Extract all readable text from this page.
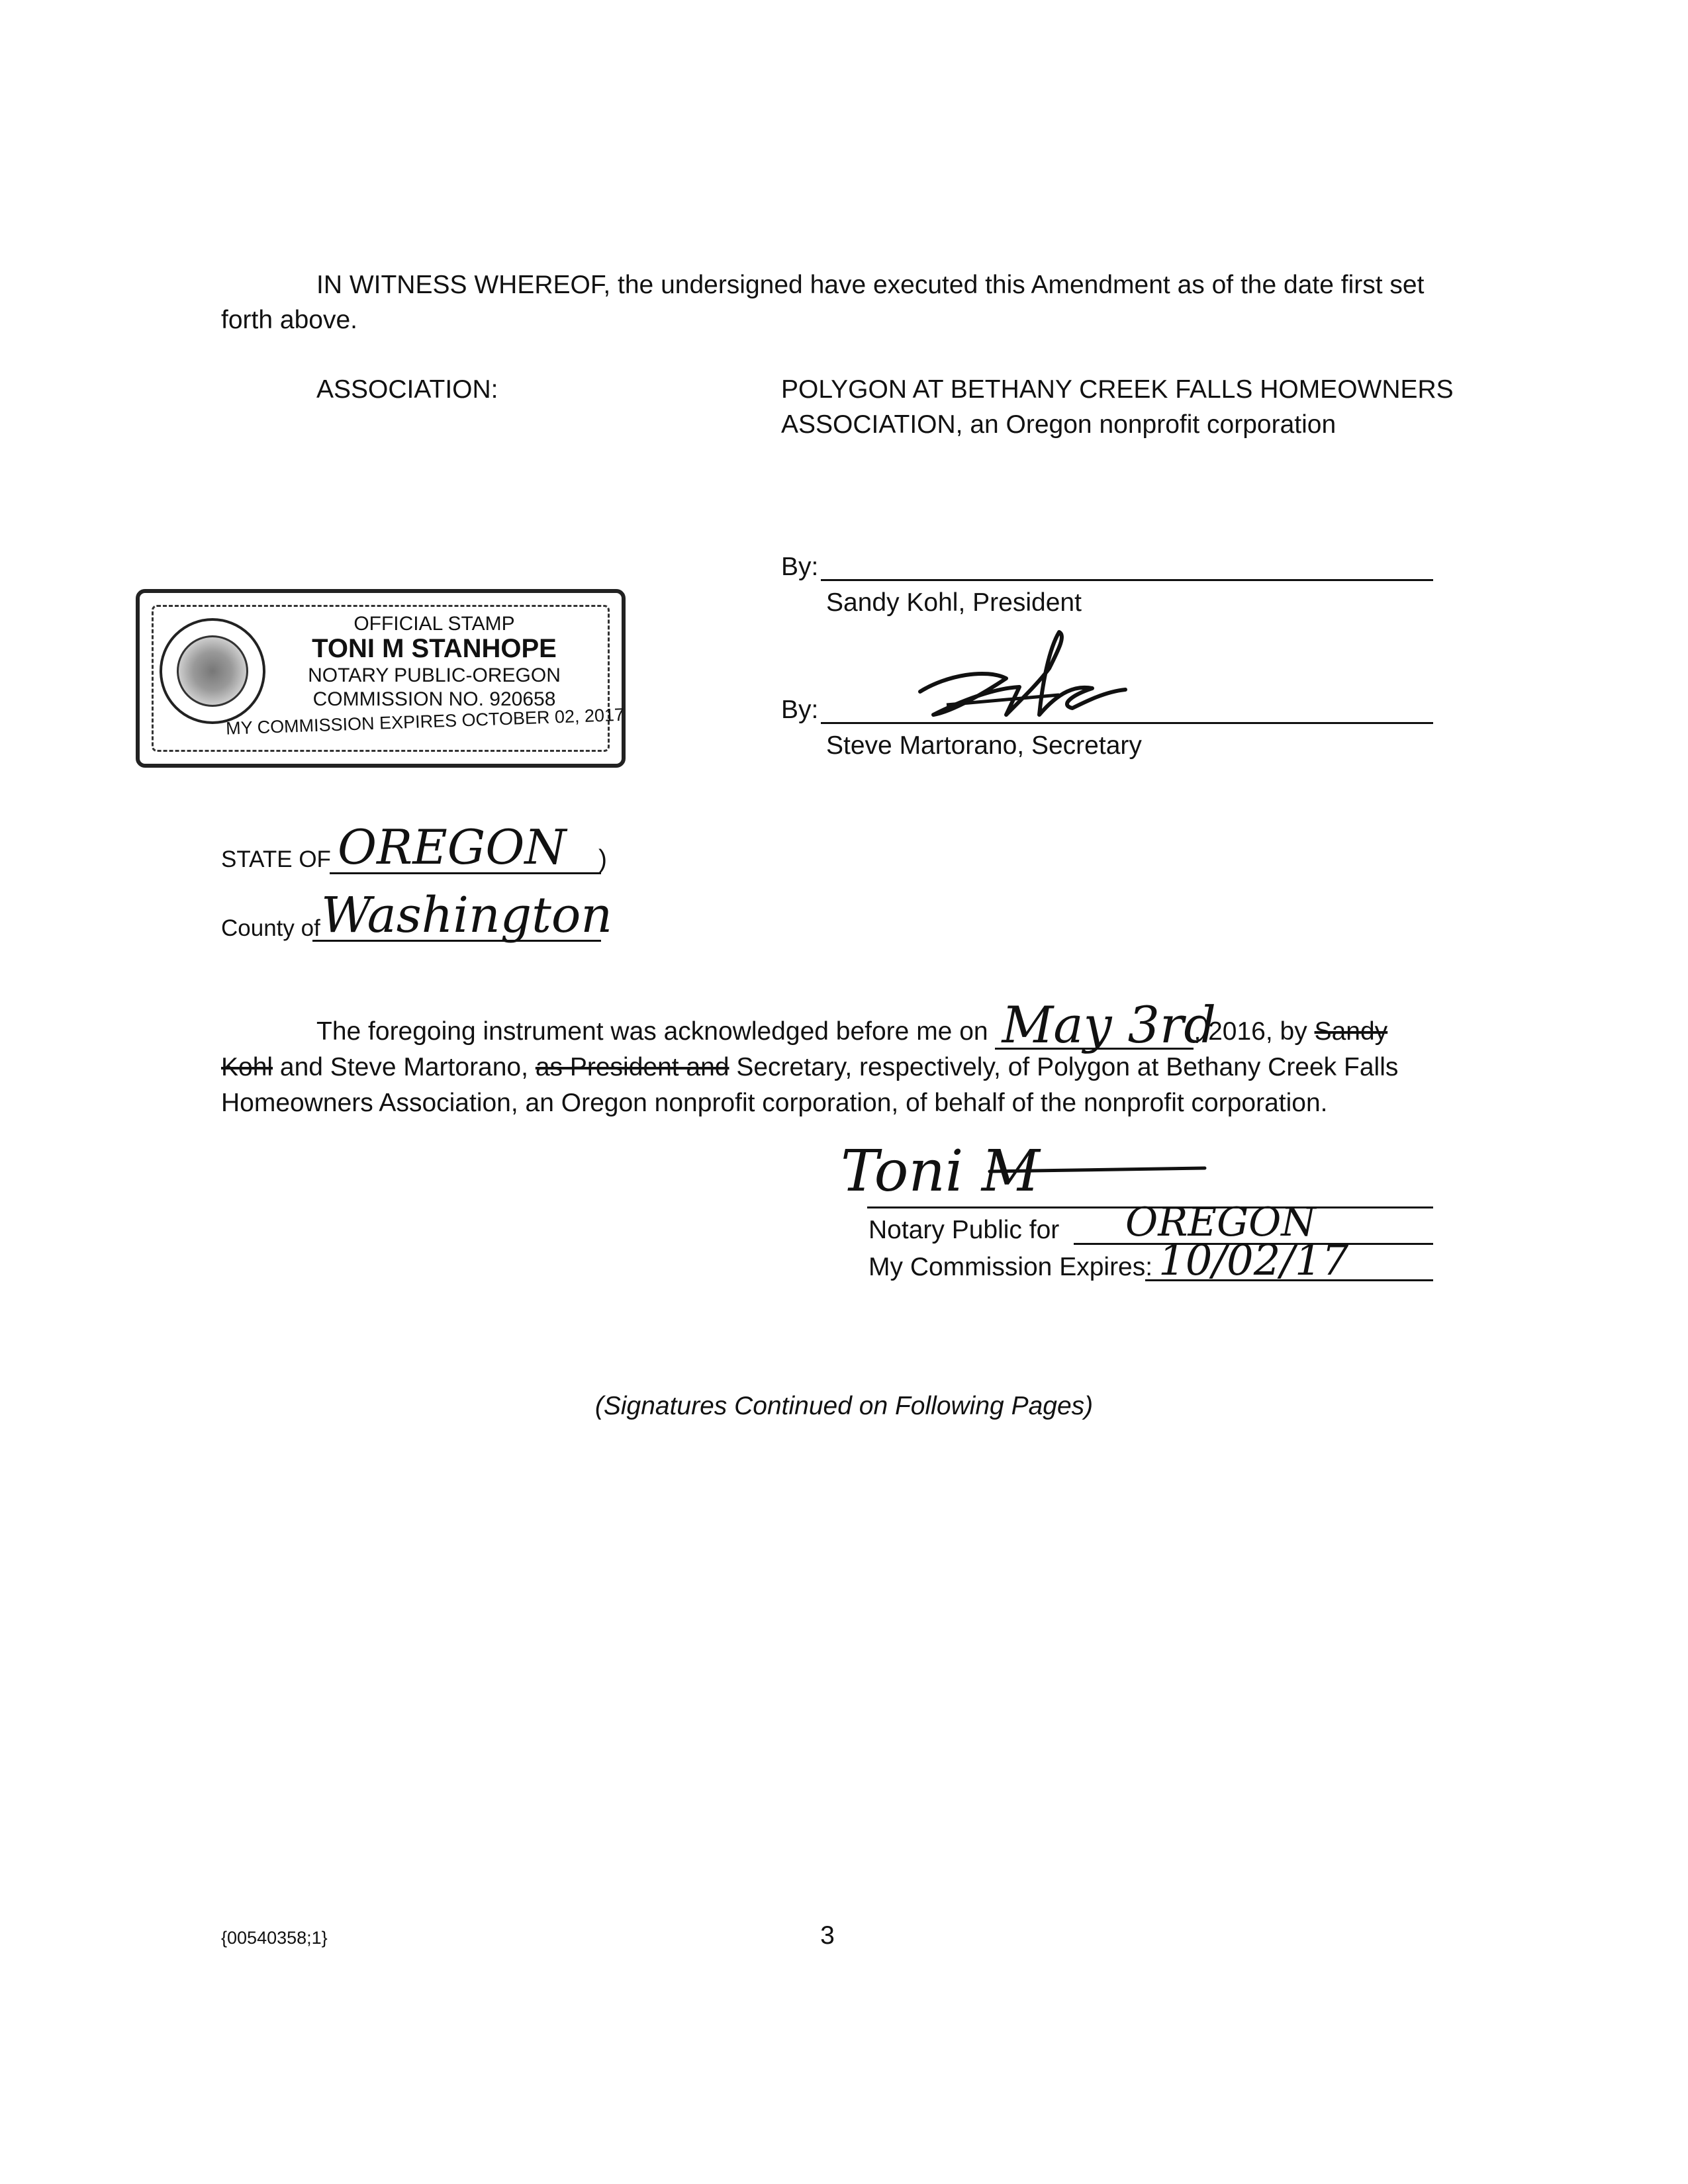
IN WITNESS WHEREOF, the undersigned have executed this Amendment as of the date first set
forth above.
ASSOCIATION:	POLYGON AT BETHANY CREEK FALLS HOMEOWNERS
ASSOCIATION, an Oregon nonprofit corporation
By:
Sandy Kohl, President
By:
Steve Martorano, Secretary
OFFICIAL STAMP
TONI M STANHOPE
NOTARY PUBLIC-OREGON
COMMISSION NO. 920658
MY COMMISSION EXPIRES OCTOBER 02, 2017
STATE OF OREGON )
County of Washington
The foregoing instrument was acknowledged before me on May 3rd
, 2016, by Sandy
Kohl and Steve Martorano, as President and Secretary, respectively, of Polygon at Bethany Creek Falls
Homeowners Association, an Oregon nonprofit corporation, of behalf of the nonprofit corporation.
Toni M
Notary Public for OREGON
My Commission Expires: 10/02/17
(Signatures Continued on Following Pages)
{00540358;1}	3
